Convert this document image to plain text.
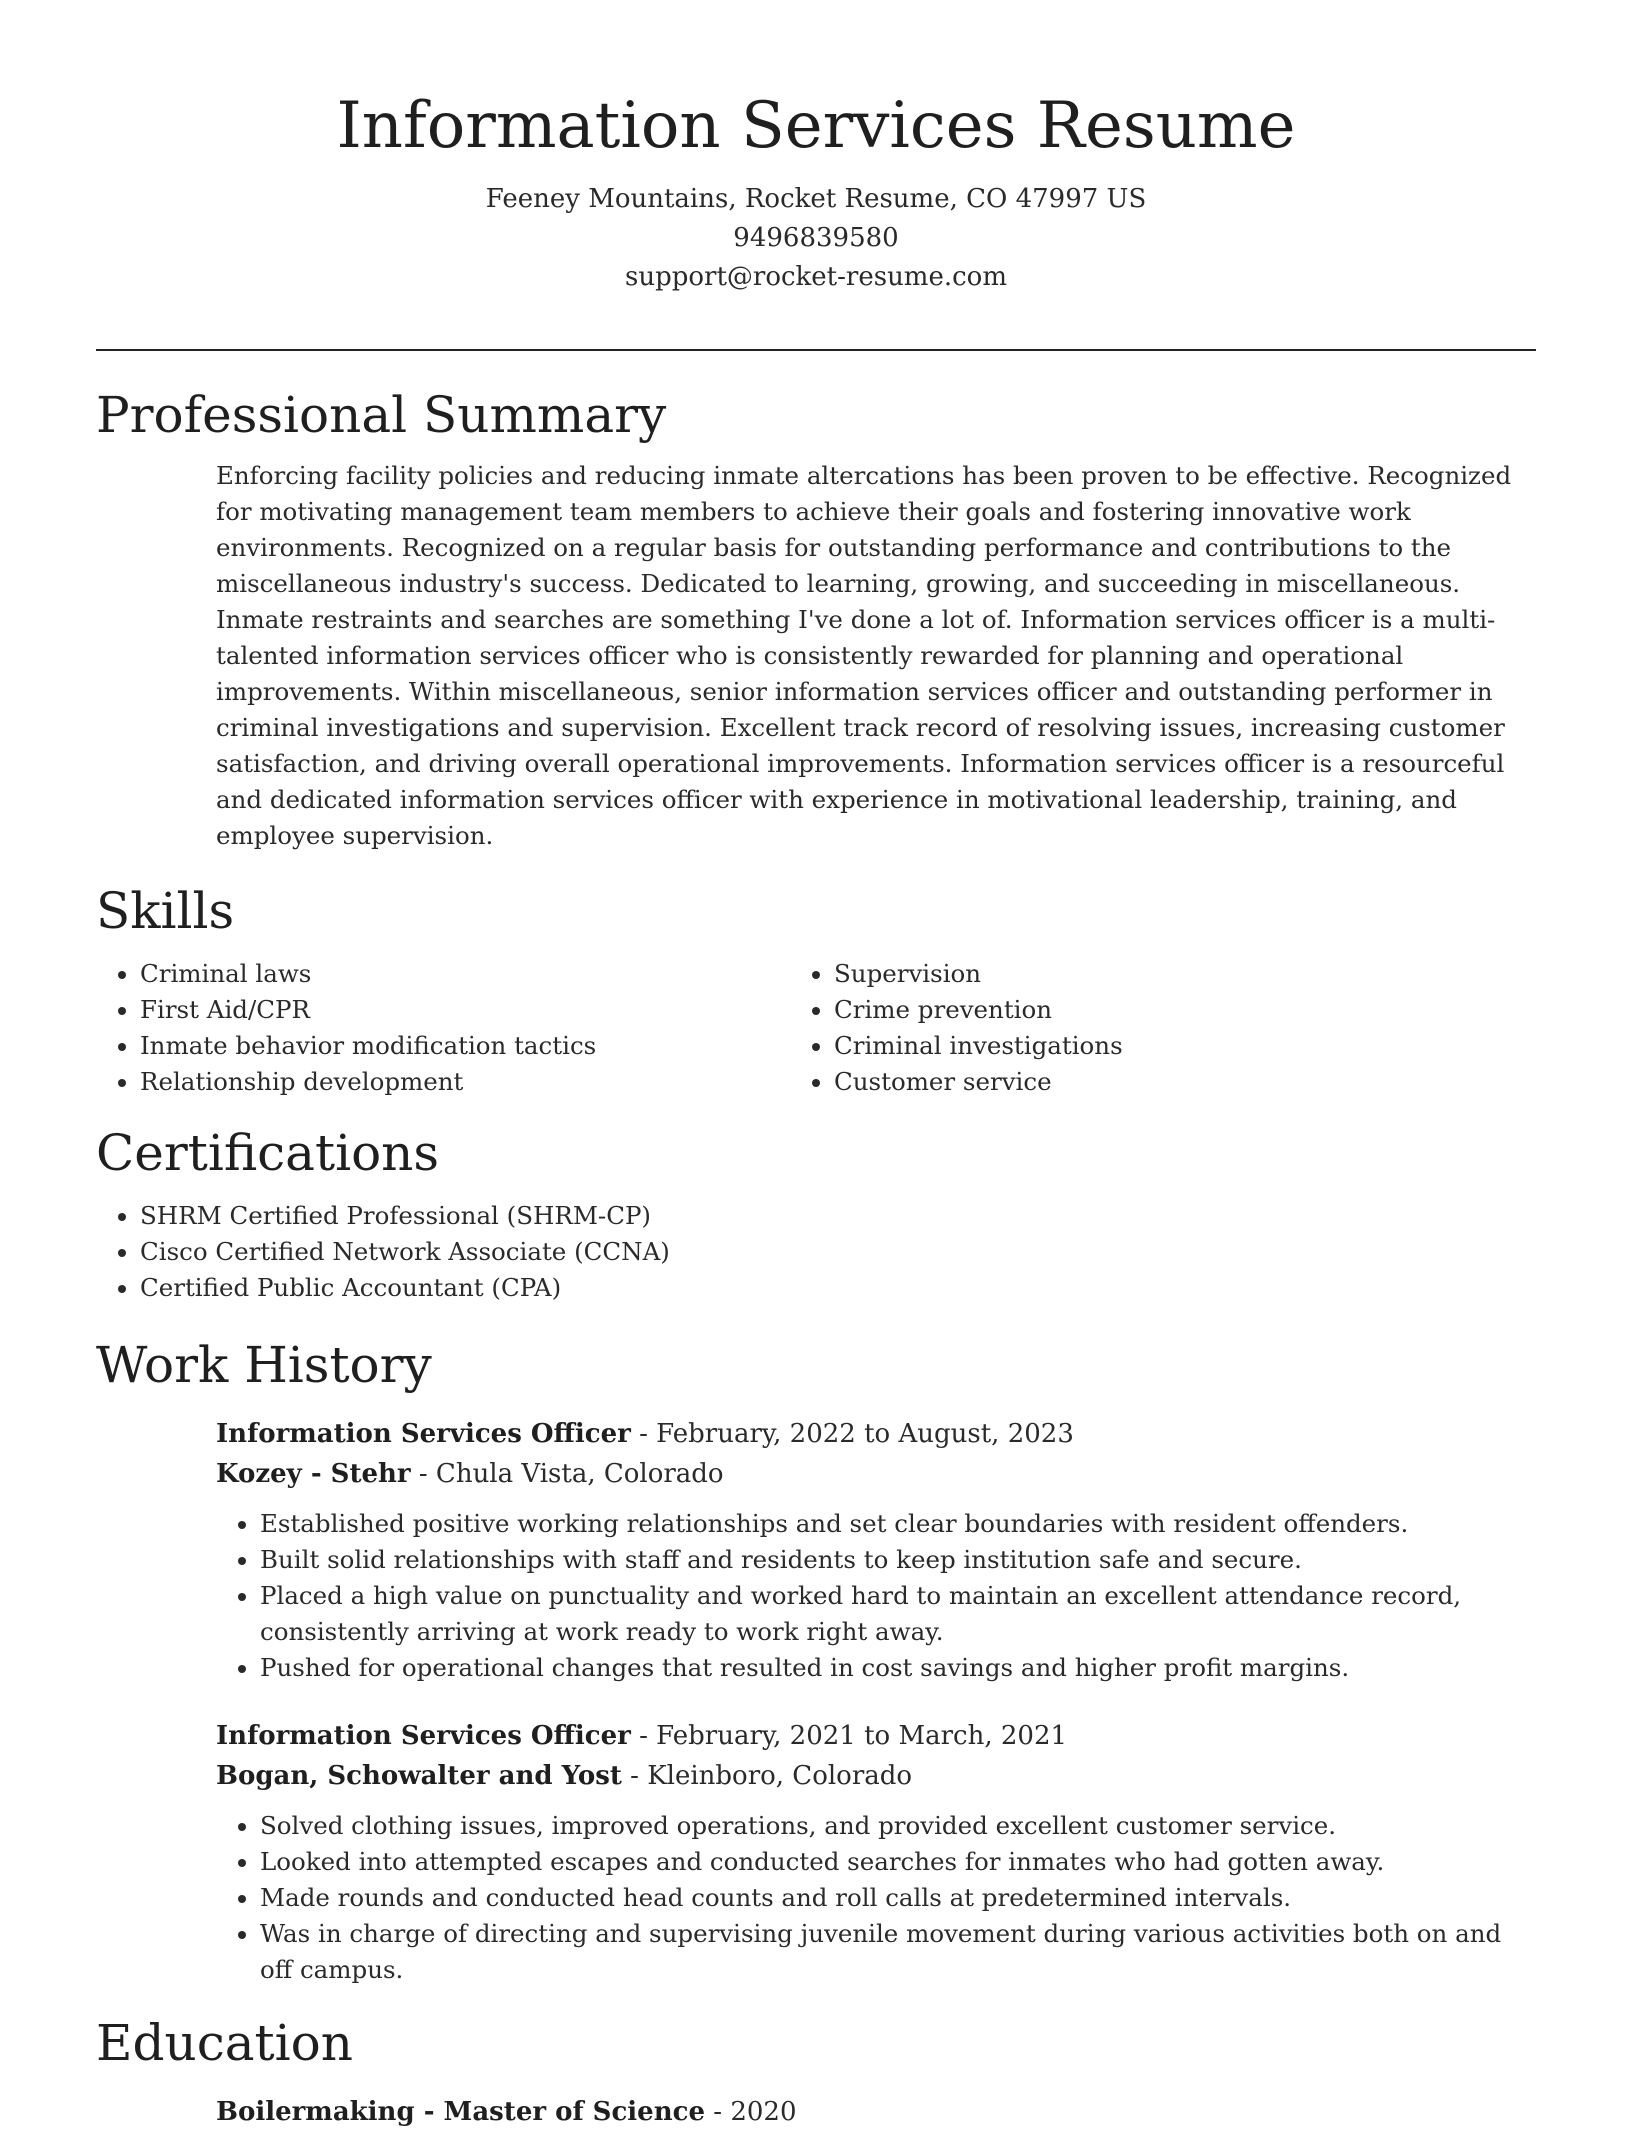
Information Services Resume
Feeney Mountains, Rocket Resume, CO 47997 US
9496839580
support@rocket-resume.com
Professional Summary

Enforcing facility policies and reducing inmate altercations has been proven to be effective. Recognized for motivating management team members to achieve their goals and fostering innovative work environments. Recognized on a regular basis for outstanding performance and contributions to the miscellaneous industry's success. Dedicated to learning, growing, and succeeding in miscellaneous. Inmate restraints and searches are something I've done a lot of. Information services officer is a multi-talented information services officer who is consistently rewarded for planning and operational improvements. Within miscellaneous, senior information services officer and outstanding performer in criminal investigations and supervision. Excellent track record of resolving issues, increasing customer satisfaction, and driving overall operational improvements. Information services officer is a resourceful and dedicated information services officer with experience in motivational leadership, training, and employee supervision.

Skills
• Criminal laws
• First Aid/CPR
• Inmate behavior modification tactics
• Relationship development
• Supervision
• Crime prevention
• Criminal investigations
• Customer service
Certifications
• SHRM Certified Professional (SHRM-CP)
• Cisco Certified Network Associate (CCNA)
• Certified Public Accountant (CPA)
Work History
Information Services Officer - February, 2022 to August, 2023
Kozey - Stehr - Chula Vista, Colorado
• Established positive working relationships and set clear boundaries with resident offenders.
• Built solid relationships with staff and residents to keep institution safe and secure.
• Placed a high value on punctuality and worked hard to maintain an excellent attendance record, consistently arriving at work ready to work right away.
• Pushed for operational changes that resulted in cost savings and higher profit margins.
Information Services Officer - February, 2021 to March, 2021
Bogan, Schowalter and Yost - Kleinboro, Colorado
• Solved clothing issues, improved operations, and provided excellent customer service.
• Looked into attempted escapes and conducted searches for inmates who had gotten away.
• Made rounds and conducted head counts and roll calls at predetermined intervals.
• Was in charge of directing and supervising juvenile movement during various activities both on and off campus.
Education
Boilermaking - Master of Science - 2020
